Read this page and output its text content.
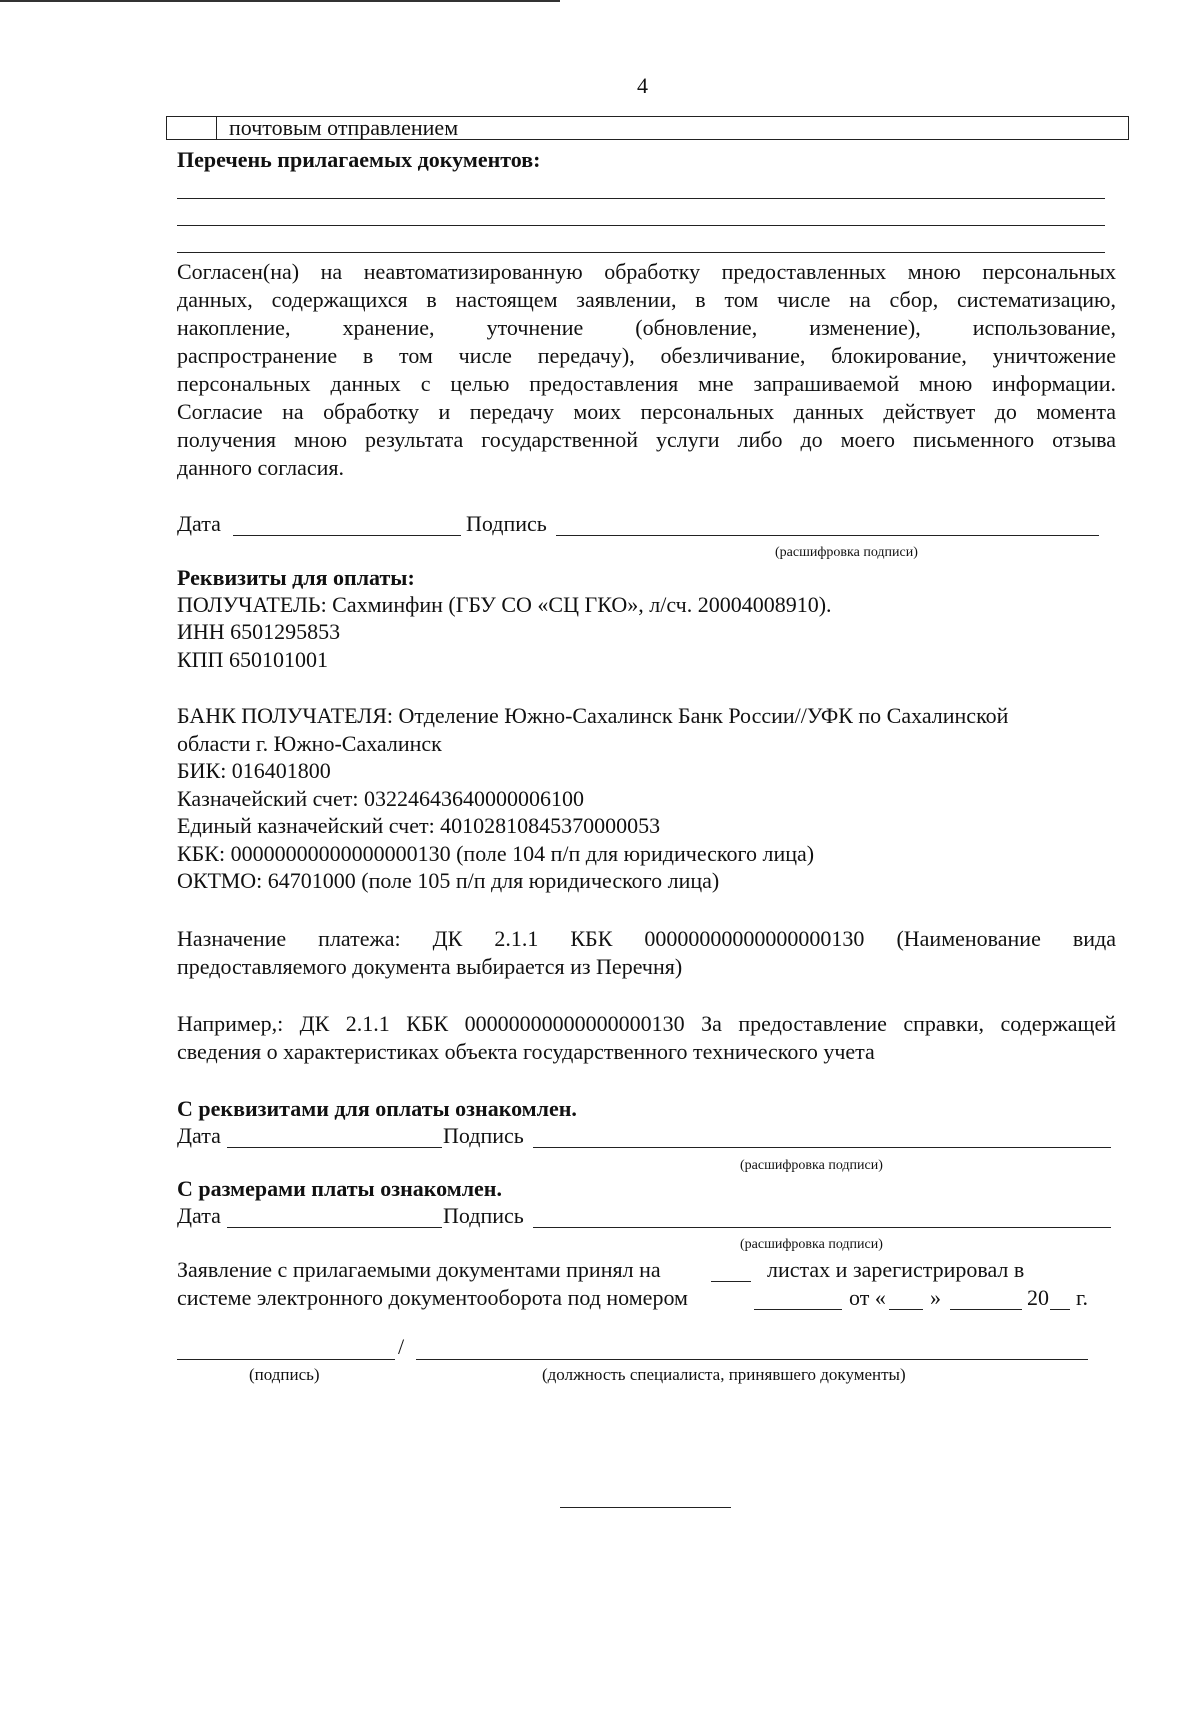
4
почтовым отправлением
Перечень прилагаемых документов:
Согласен(на) на неавтоматизированную обработку предоставленных мною персональных
данных, содержащихся в настоящем заявлении, в том числе на сбор, систематизацию,
накопление, хранение, уточнение (обновление, изменение), использование,
распространение в том числе передачу), обезличивание, блокирование, уничтожение
персональных данных с целью предоставления мне запрашиваемой мною информации.
Согласие на обработку и передачу моих персональных данных действует до момента
получения мною результата государственной услуги либо до моего письменного отзыва
данного согласия.
Дата	Подпись
(расшифровка подписи)
Реквизиты для оплаты:
ПОЛУЧАТЕЛЬ: Сахминфин (ГБУ СО «СЦ ГКО», л/сч. 20004008910).
ИНН 6501295853
КПП 650101001
БАНК ПОЛУЧАТЕЛЯ: Отделение Южно-Сахалинск Банк России//УФК по Сахалинской
области г. Южно-Сахалинск
БИК: 016401800
Казначейский счет: 03224643640000006100
Единый казначейский счет: 40102810845370000053
КБК: 00000000000000000130 (поле 104 п/п для юридического лица)
ОКТМО: 64701000 (поле 105 п/п для юридического лица)
Назначение платежа: ДК 2.1.1 КБК 00000000000000000130 (Наименование вида
предоставляемого документа выбирается из Перечня)
Например,: ДК 2.1.1 КБК 00000000000000000130 За предоставление справки, содержащей
сведения о характеристиках объекта государственного технического учета
С реквизитами для оплаты ознакомлен.
Дата	Подпись
(расшифровка подписи)
С размерами платы ознакомлен.
Дата	Подпись
(расшифровка подписи)
Заявление с прилагаемыми документами принял на	листах и зарегистрировал в
системе электронного документооборота под номером	от « »	20 г.
/
(подпись)	(должность специалиста, принявшего документы)
